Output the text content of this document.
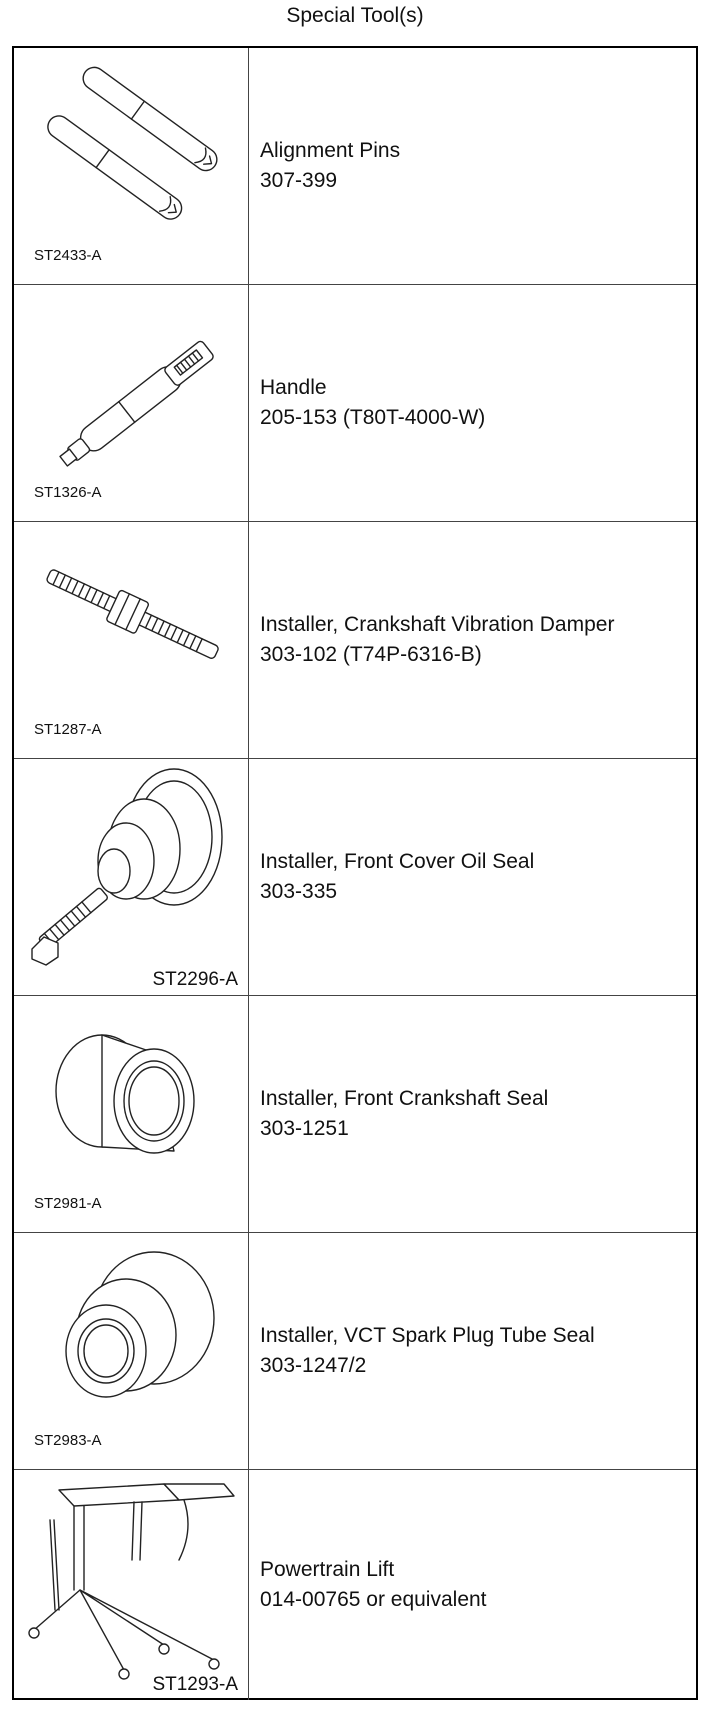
Special Tool(s)
ST2433-A
Alignment Pins
307-399
ST1326-A
Handle
205-153 (T80T-4000-W)
ST1287-A
Installer, Crankshaft Vibration Damper
303-102 (T74P-6316-B)
ST2296-A
Installer, Front Cover Oil Seal
303-335
ST2981-A
Installer, Front Crankshaft Seal
303-1251
ST2983-A
Installer, VCT Spark Plug Tube Seal
303-1247/2
ST1293-A
Powertrain Lift
014-00765 or equivalent
